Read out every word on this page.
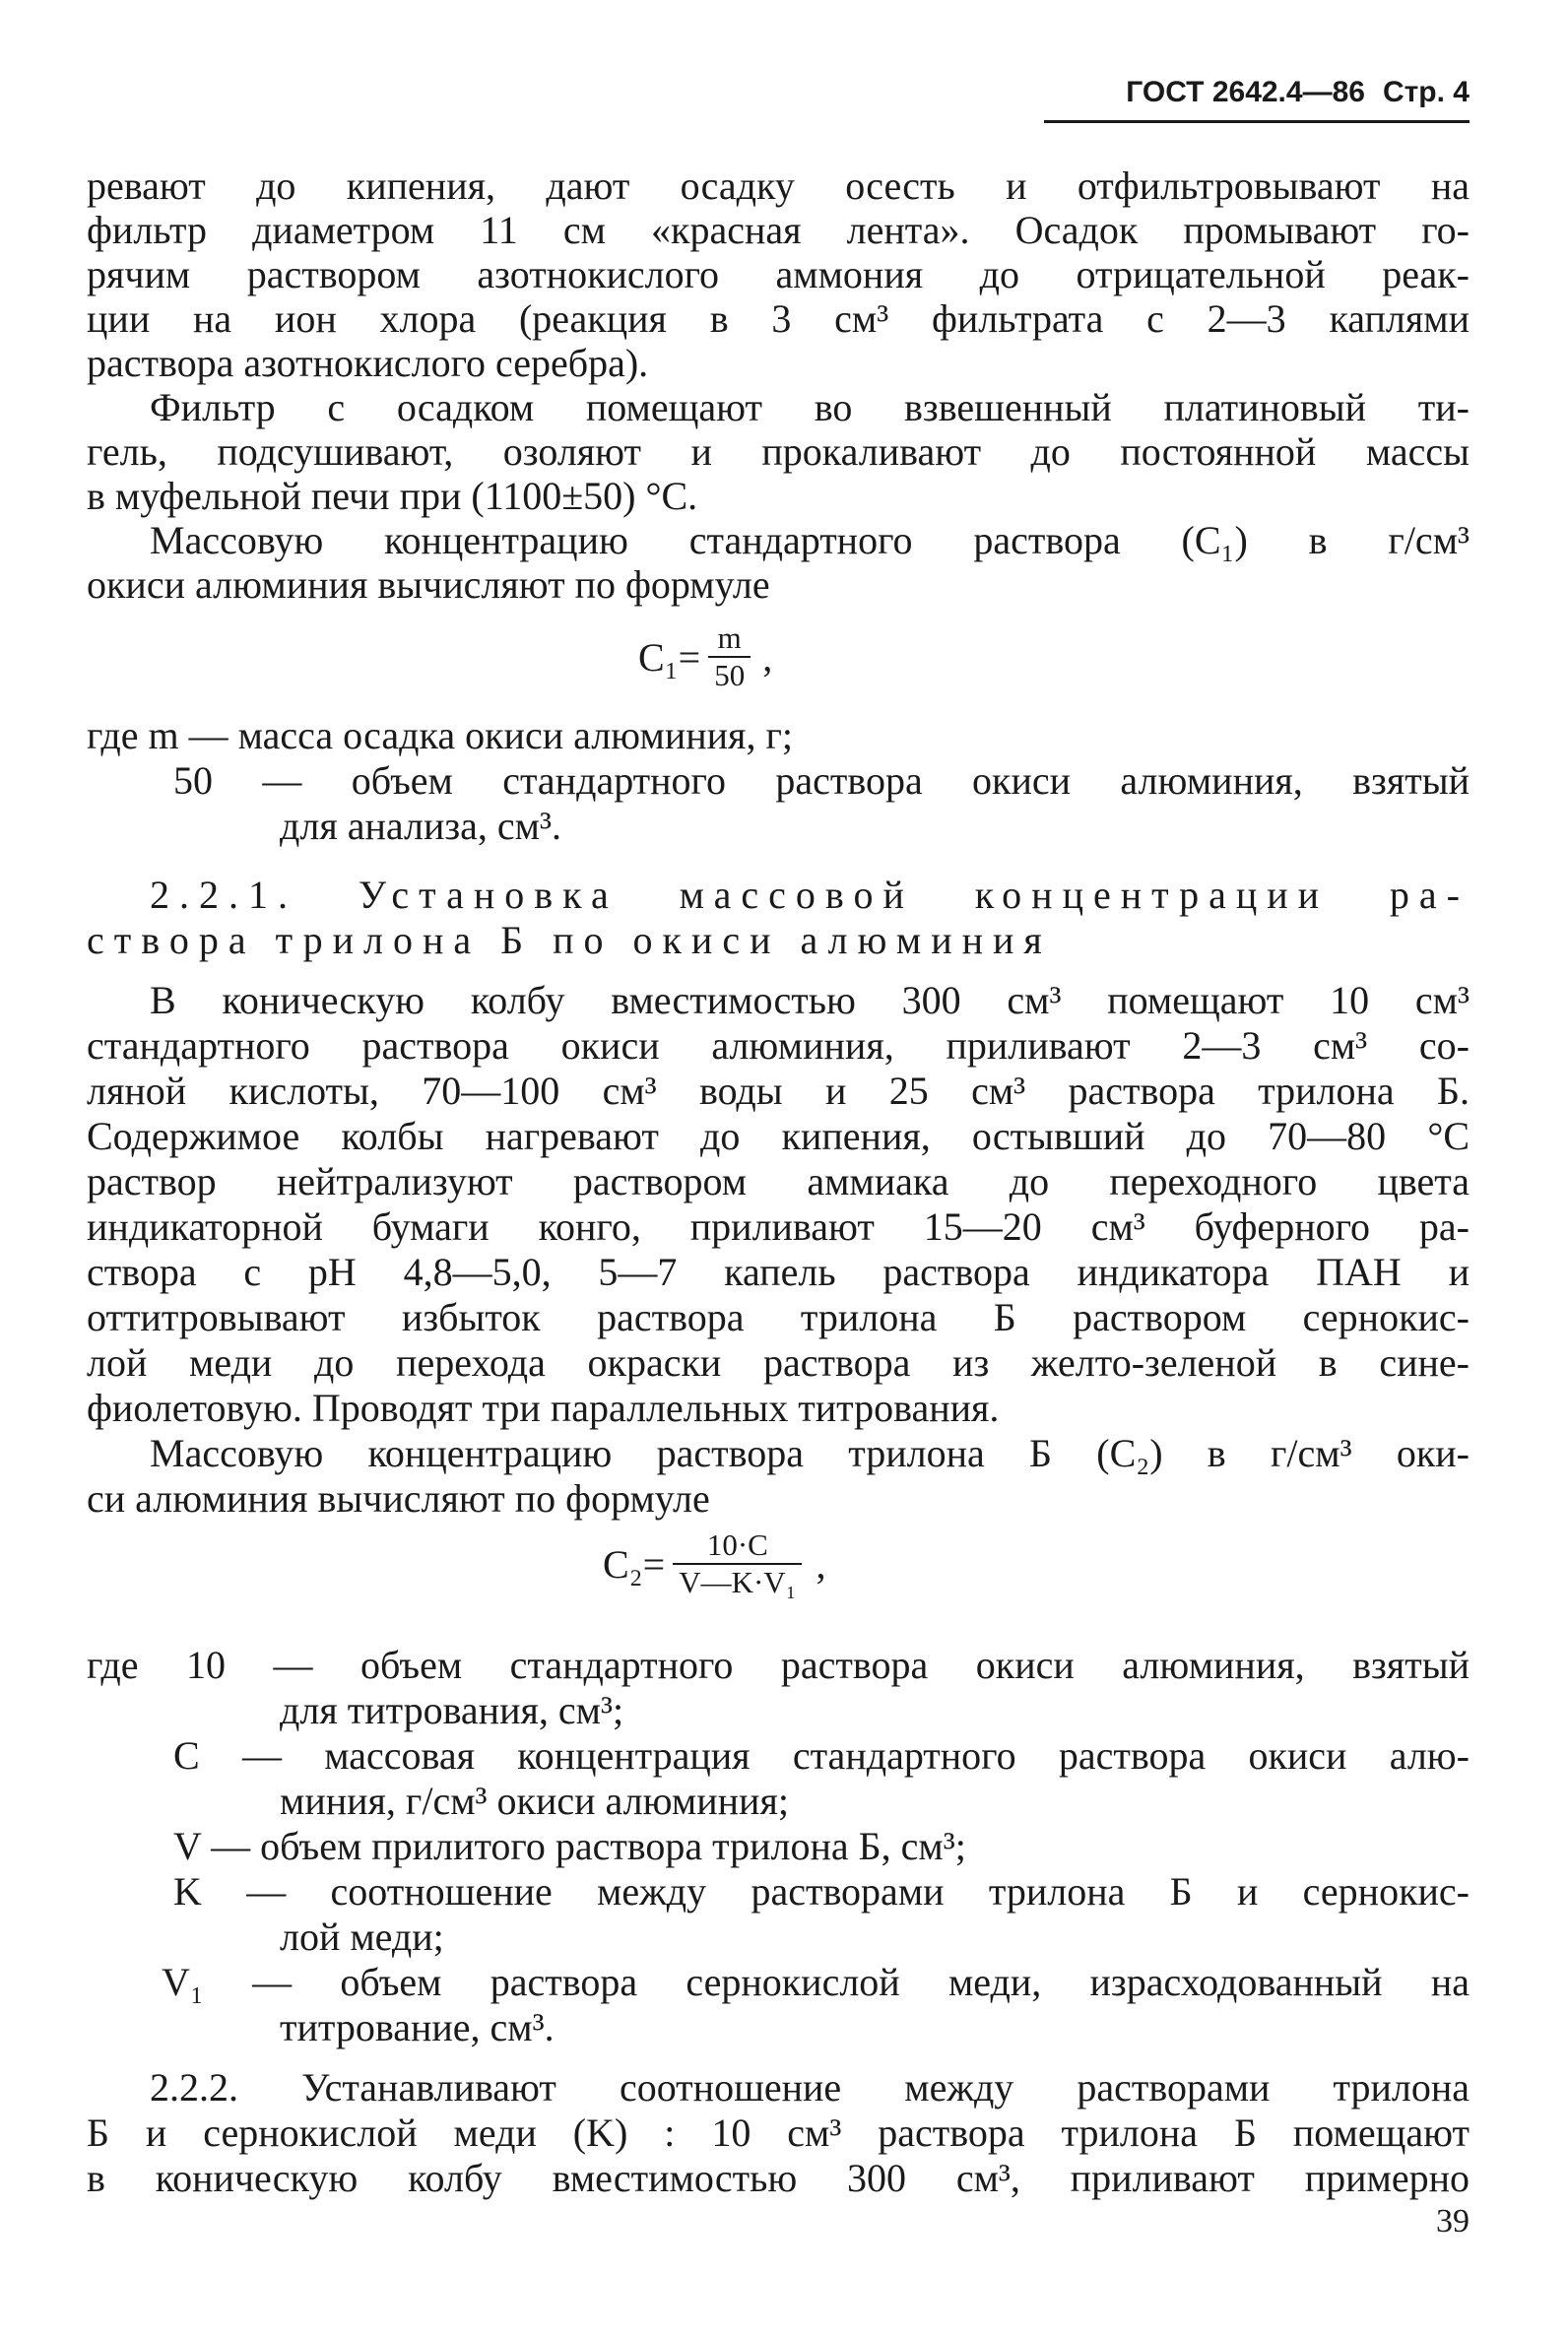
ГОСТ 2642.4—86 Стр. 4
ревают до кипения, дают осадку осесть и отфильтровывают на
фильтр диаметром 11 см «красная лента». Осадок промывают го-
рячим раствором азотнокислого аммония до отрицательной реак-
ции на ион хлора (реакция в 3 см³ фильтрата с 2—3 каплями
раствора азотнокислого серебра).
Фильтр с осадком помещают во взвешенный платиновый ти-
гель, подсушивают, озоляют и прокаливают до постоянной массы
в муфельной печи при (1100±50) °С.
Массовую концентрацию стандартного раствора (C₁) в г/см³
окиси алюминия вычисляют по формуле
$C_1= \frac{m}{50}$ ,
где m — масса осадка окиси алюминия, г;
50 — объем стандартного раствора окиси алюминия, взятый
для анализа, см³.
2.2.1. Установка массовой концентрации ра-
створа трилона Б по окиси алюминия
В коническую колбу вместимостью 300 см³ помещают 10 см³
стандартного раствора окиси алюминия, приливают 2—3 см³ со-
ляной кислоты, 70—100 см³ воды и 25 см³ раствора трилона Б.
Содержимое колбы нагревают до кипения, остывший до 70—80 °С
раствор нейтрализуют раствором аммиака до переходного цвета
индикаторной бумаги конго, приливают 15—20 см³ буферного ра-
створа с pH 4,8—5,0, 5—7 капель раствора индикатора ПАН и
оттитровывают избыток раствора трилона Б раствором сернокис-
лой меди до перехода окраски раствора из желто-зеленой в сине-
фиолетовую. Проводят три параллельных титрования.
Массовую концентрацию раствора трилона Б (C₂) в г/см³ оки-
си алюминия вычисляют по формуле
$C_2= \frac{10\cdot C}{\text{V—K·V₁}}$ ,
где 10 — объем стандартного раствора окиси алюминия, взятый
для титрования, см³;
C — массовая концентрация стандартного раствора окиси алю-
миния, г/см³ окиси алюминия;
V — объем прилитого раствора трилона Б, см³;
K — соотношение между растворами трилона Б и сернокис-
лой меди;
V₁ — объем раствора сернокислой меди, израсходованный на
титрование, см³.
2.2.2. Устанавливают соотношение между растворами трилона
Б и сернокислой меди (K) : 10 см³ раствора трилона Б помещают
в коническую колбу вместимостью 300 см³, приливают примерно
39
